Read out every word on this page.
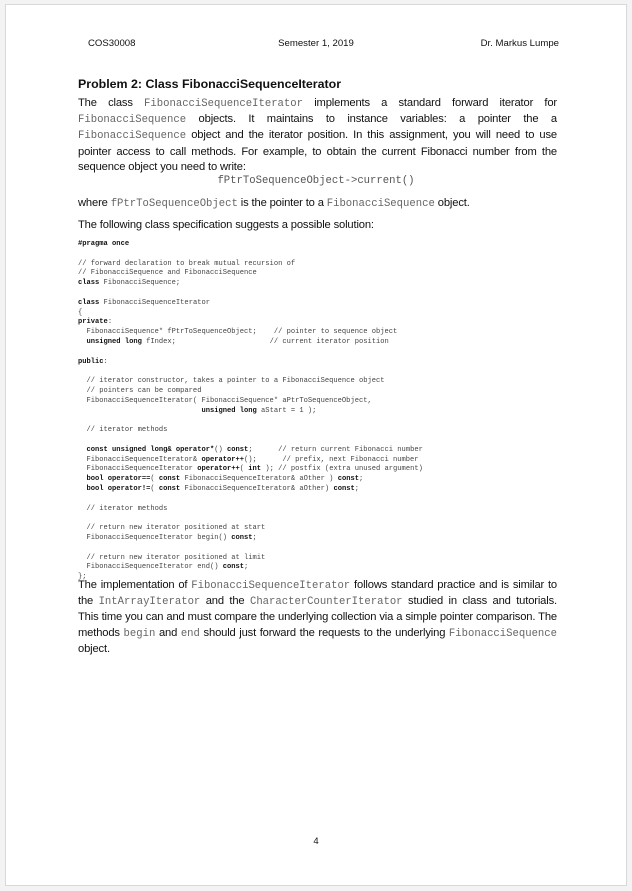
COS30008	Semester 1, 2019	Dr. Markus Lumpe
Problem 2: Class FibonacciSequenceIterator
The class FibonacciSequenceIterator implements a standard forward iterator for FibonacciSequence objects. It maintains to instance variables: a pointer the a FibonacciSequence object and the iterator position. In this assignment, you will need to use pointer access to call methods. For example, to obtain the current Fibonacci number from the sequence object you need to write:
fPtrToSequenceObject->current()
where fPtrToSequenceObject is the pointer to a FibonacciSequence object.
The following class specification suggests a possible solution:
#pragma once

// forward declaration to break mutual recursion of
// FibonacciSequence and FibonacciSequence
class FibonacciSequence;

class FibonacciSequenceIterator
{
private:
FibonacciSequence* fPtrToSequenceObject;    // pointer to sequence object
unsigned long fIndex;                      // current iterator position

public:

// iterator constructor, takes a pointer to a FibonacciSequence object
// pointers can be compared
FibonacciSequenceIterator( FibonacciSequence* aPtrToSequenceObject,
unsigned long aStart = 1 );

// iterator methods

const unsigned long& operator*() const;      // return current Fibonacci number
FibonacciSequenceIterator& operator++();      // prefix, next Fibonacci number
FibonacciSequenceIterator operator++( int ); // postfix (extra unused argument)
bool operator==( const FibonacciSequenceIterator& aOther ) const;
bool operator!=( const FibonacciSequenceIterator& aOther) const;

// iterator methods

// return new iterator positioned at start
FibonacciSequenceIterator begin() const;

// return new iterator positioned at limit
FibonacciSequenceIterator end() const;
};

The implementation of FibonacciSequenceIterator follows standard practice and is similar to the IntArrayIterator and the CharacterCounterIterator studied in class and tutorials. This time you can and must compare the underlying collection via a simple pointer comparison. The methods begin and end should just forward the requests to the underlying FibonacciSequence object.
4
